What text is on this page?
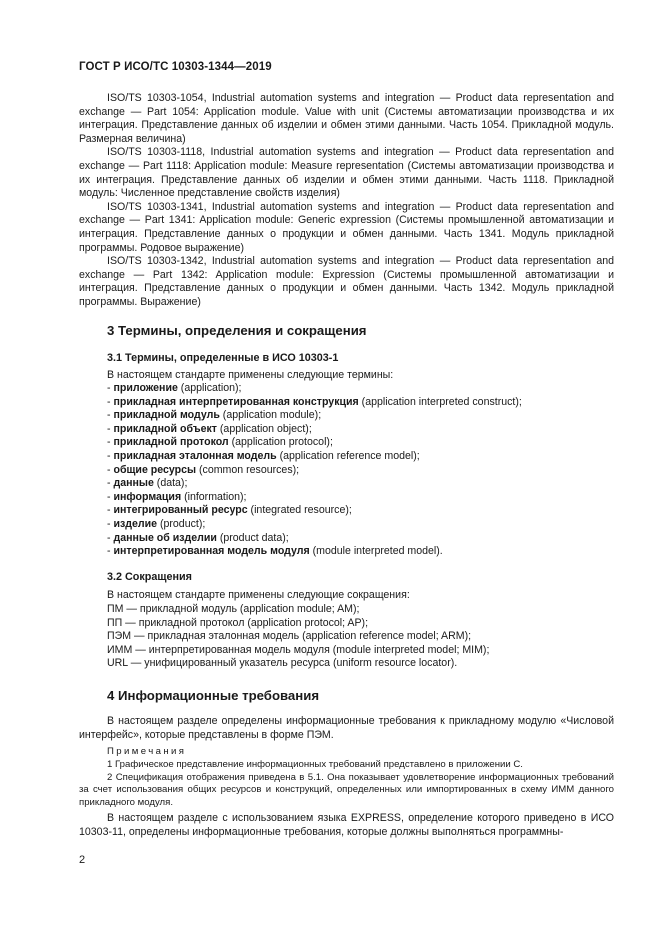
ГОСТ Р ИСО/ТС 10303-1344—2019

ISO/TS 10303-1054, Industrial automation systems and integration — Product data representation and exchange — Part 1054: Application module. Value with unit (Системы автоматизации производства и их интеграция. Представление данных об изделии и обмен этими данными. Часть 1054. Прикладной модуль. Размерная величина)

ISO/TS 10303-1118, Industrial automation systems and integration — Product data representation and exchange — Part 1118: Application module: Measure representation (Системы автоматизации производства и их интеграция. Представление данных об изделии и обмен этими данными. Часть 1118. Прикладной модуль: Численное представление свойств изделия)

ISO/TS 10303-1341, Industrial automation systems and integration — Product data representation and exchange — Part 1341: Application module: Generic expression (Системы промышленной автоматизации и интеграция. Представление данных о продукции и обмен данными. Часть 1341. Модуль прикладной программы. Родовое выражение)

ISO/TS 10303-1342, Industrial automation systems and integration — Product data representation and exchange — Part 1342: Application module: Expression (Системы промышленной автоматизации и интеграция. Представление данных о продукции и обмен данными. Часть 1342. Модуль прикладной программы. Выражение)

3 Термины, определения и сокращения
3.1 Термины, определенные в ИСО 10303-1
В настоящем стандарте применены следующие термины:
- приложение (application);
- прикладная интерпретированная конструкция (application interpreted construct);
- прикладной модуль (application module);
- прикладной объект (application object);
- прикладной протокол (application protocol);
- прикладная эталонная модель (application reference model);
- общие ресурсы (common resources);
- данные (data);
- информация (information);
- интегрированный ресурс (integrated resource);
- изделие (product);
- данные об изделии (product data);
- интерпретированная модель модуля (module interpreted model).
3.2 Сокращения
В настоящем стандарте применены следующие сокращения:
ПМ — прикладной модуль (application module; AM);
ПП — прикладной протокол (application protocol; AP);
ПЭМ — прикладная эталонная модель (application reference model; ARM);
ИММ — интерпретированная модель модуля (module interpreted model; MIM);
URL — унифицированный указатель ресурса (uniform resource locator).
4 Информационные требования

В настоящем разделе определены информационные требования к прикладному модулю «Числовой интерфейс», которые представлены в форме ПЭМ.

Примечания

1 Графическое представление информационных требований представлено в приложении С.

2 Спецификация отображения приведена в 5.1. Она показывает удовлетворение информационных требований за счет использования общих ресурсов и конструкций, определенных или импортированных в схему ИММ данного прикладного модуля.

В настоящем разделе с использованием языка EXPRESS, определение которого приведено в ИСО 10303-11, определены информационные требования, которые должны выполняться программны-

2
